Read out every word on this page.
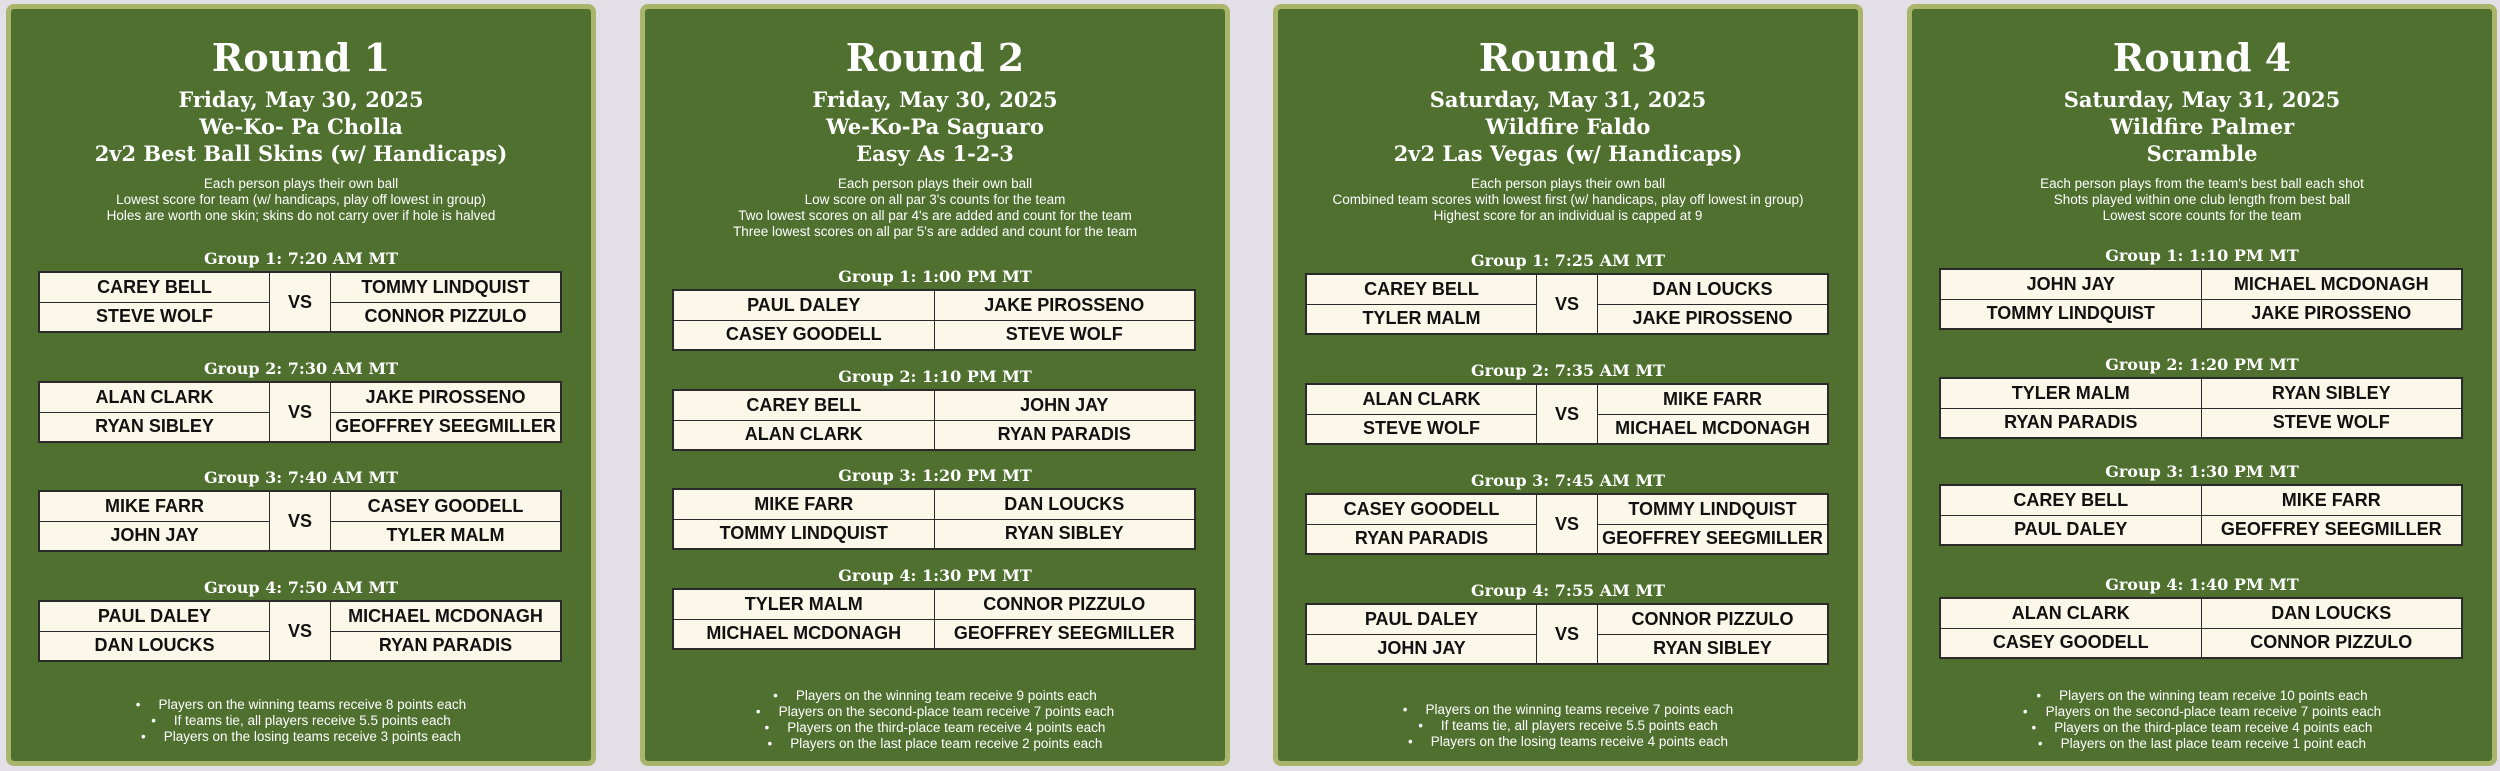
Round 1
Friday, May 30, 2025
We-Ko- Pa Cholla
2v2 Best Ball Skins (w/ Handicaps)
Each person plays their own ball
Lowest score for team (w/ handicaps, play off lowest in group)
Holes are worth one skin; skins do not carry over if hole is halved
Group 1: 7:20 AM MT
CAREY BELL
STEVE WOLF
VS
TOMMY LINDQUIST
CONNOR PIZZULO
Group 2: 7:30 AM MT
ALAN CLARK
RYAN SIBLEY
VS
JAKE PIROSSENO
GEOFFREY SEEGMILLER
Group 3: 7:40 AM MT
MIKE FARR
JOHN JAY
VS
CASEY GOODELL
TYLER MALM
Group 4: 7:50 AM MT
PAUL DALEY
DAN LOUCKS
VS
MICHAEL MCDONAGH
RYAN PARADIS
• Players on the winning teams receive 8 points each
• If teams tie, all players receive 5.5 points each
• Players on the losing teams receive 3 points each
Round 2
Friday, May 30, 2025
We-Ko-Pa Saguaro
Easy As 1-2-3
Each person plays their own ball
Low score on all par 3's counts for the team
Two lowest scores on all par 4's are added and count for the team
Three lowest scores on all par 5's are added and count for the team
Group 1: 1:00 PM MT
PAUL DALEY
CASEY GOODELL
JAKE PIROSSENO
STEVE WOLF
Group 2: 1:10 PM MT
CAREY BELL
ALAN CLARK
JOHN JAY
RYAN PARADIS
Group 3: 1:20 PM MT
MIKE FARR
TOMMY LINDQUIST
DAN LOUCKS
RYAN SIBLEY
Group 4: 1:30 PM MT
TYLER MALM
MICHAEL MCDONAGH
CONNOR PIZZULO
GEOFFREY SEEGMILLER
• Players on the winning team receive 9 points each
• Players on the second-place team receive 7 points each
• Players on the third-place team receive 4 points each
• Players on the last place team receive 2 points each
Round 3
Saturday, May 31, 2025
Wildfire Faldo
2v2 Las Vegas (w/ Handicaps)
Each person plays their own ball
Combined team scores with lowest first (w/ handicaps, play off lowest in group)
Highest score for an individual is capped at 9
Group 1: 7:25 AM MT
CAREY BELL
TYLER MALM
VS
DAN LOUCKS
JAKE PIROSSENO
Group 2: 7:35 AM MT
ALAN CLARK
STEVE WOLF
VS
MIKE FARR
MICHAEL MCDONAGH
Group 3: 7:45 AM MT
CASEY GOODELL
RYAN PARADIS
VS
TOMMY LINDQUIST
GEOFFREY SEEGMILLER
Group 4: 7:55 AM MT
PAUL DALEY
JOHN JAY
VS
CONNOR PIZZULO
RYAN SIBLEY
• Players on the winning teams receive 7 points each
• If teams tie, all players receive 5.5 points each
• Players on the losing teams receive 4 points each
Round 4
Saturday, May 31, 2025
Wildfire Palmer
Scramble
Each person plays from the team's best ball each shot
Shots played within one club length from best ball
Lowest score counts for the team
Group 1: 1:10 PM MT
JOHN JAY
TOMMY LINDQUIST
MICHAEL MCDONAGH
JAKE PIROSSENO
Group 2: 1:20 PM MT
TYLER MALM
RYAN PARADIS
RYAN SIBLEY
STEVE WOLF
Group 3: 1:30 PM MT
CAREY BELL
PAUL DALEY
MIKE FARR
GEOFFREY SEEGMILLER
Group 4: 1:40 PM MT
ALAN CLARK
CASEY GOODELL
DAN LOUCKS
CONNOR PIZZULO
• Players on the winning team receive 10 points each
• Players on the second-place team receive 7 points each
• Players on the third-place team receive 4 points each
• Players on the last place team receive 1 point each
